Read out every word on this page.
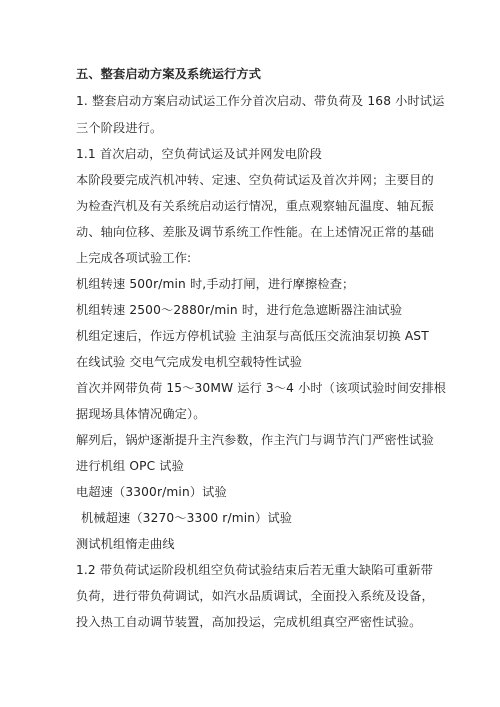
五、整套启动方案及系统运行方式
1. 整套启动方案启动试运工作分首次启动、带负荷及 168 小时试运
三个阶段进行。
1.1 首次启动，空负荷试运及试并网发电阶段
本阶段要完成汽机冲转、定速、空负荷试运及首次并网；主要目的
为检查汽机及有关系统启动运行情况，重点观察轴瓦温度、轴瓦振
动、轴向位移、差胀及调节系统工作性能。在上述情况正常的基础
上完成各项试验工作:
机组转速 500r/min 时,手动打闸，进行摩擦检查；
机组转速 2500～2880r/min 时，进行危急遮断器注油试验
机组定速后，作远方停机试验 主油泵与高低压交流油泵切换 AST
在线试验 交电气完成发电机空载特性试验
首次并网带负荷 15～30MW 运行 3～4 小时（该项试验时间安排根
据现场具体情况确定）。
解列后，锅炉逐渐提升主汽参数，作主汽门与调节汽门严密性试验
进行机组 OPC 试验
电超速（3300r/min）试验
机械超速（3270～3300 r/min）试验
测试机组惰走曲线
1.2 带负荷试运阶段机组空负荷试验结束后若无重大缺陷可重新带
负荷，进行带负荷调试，如汽水品质调试，全面投入系统及设备，
投入热工自动调节装置，高加投运，完成机组真空严密性试验。
